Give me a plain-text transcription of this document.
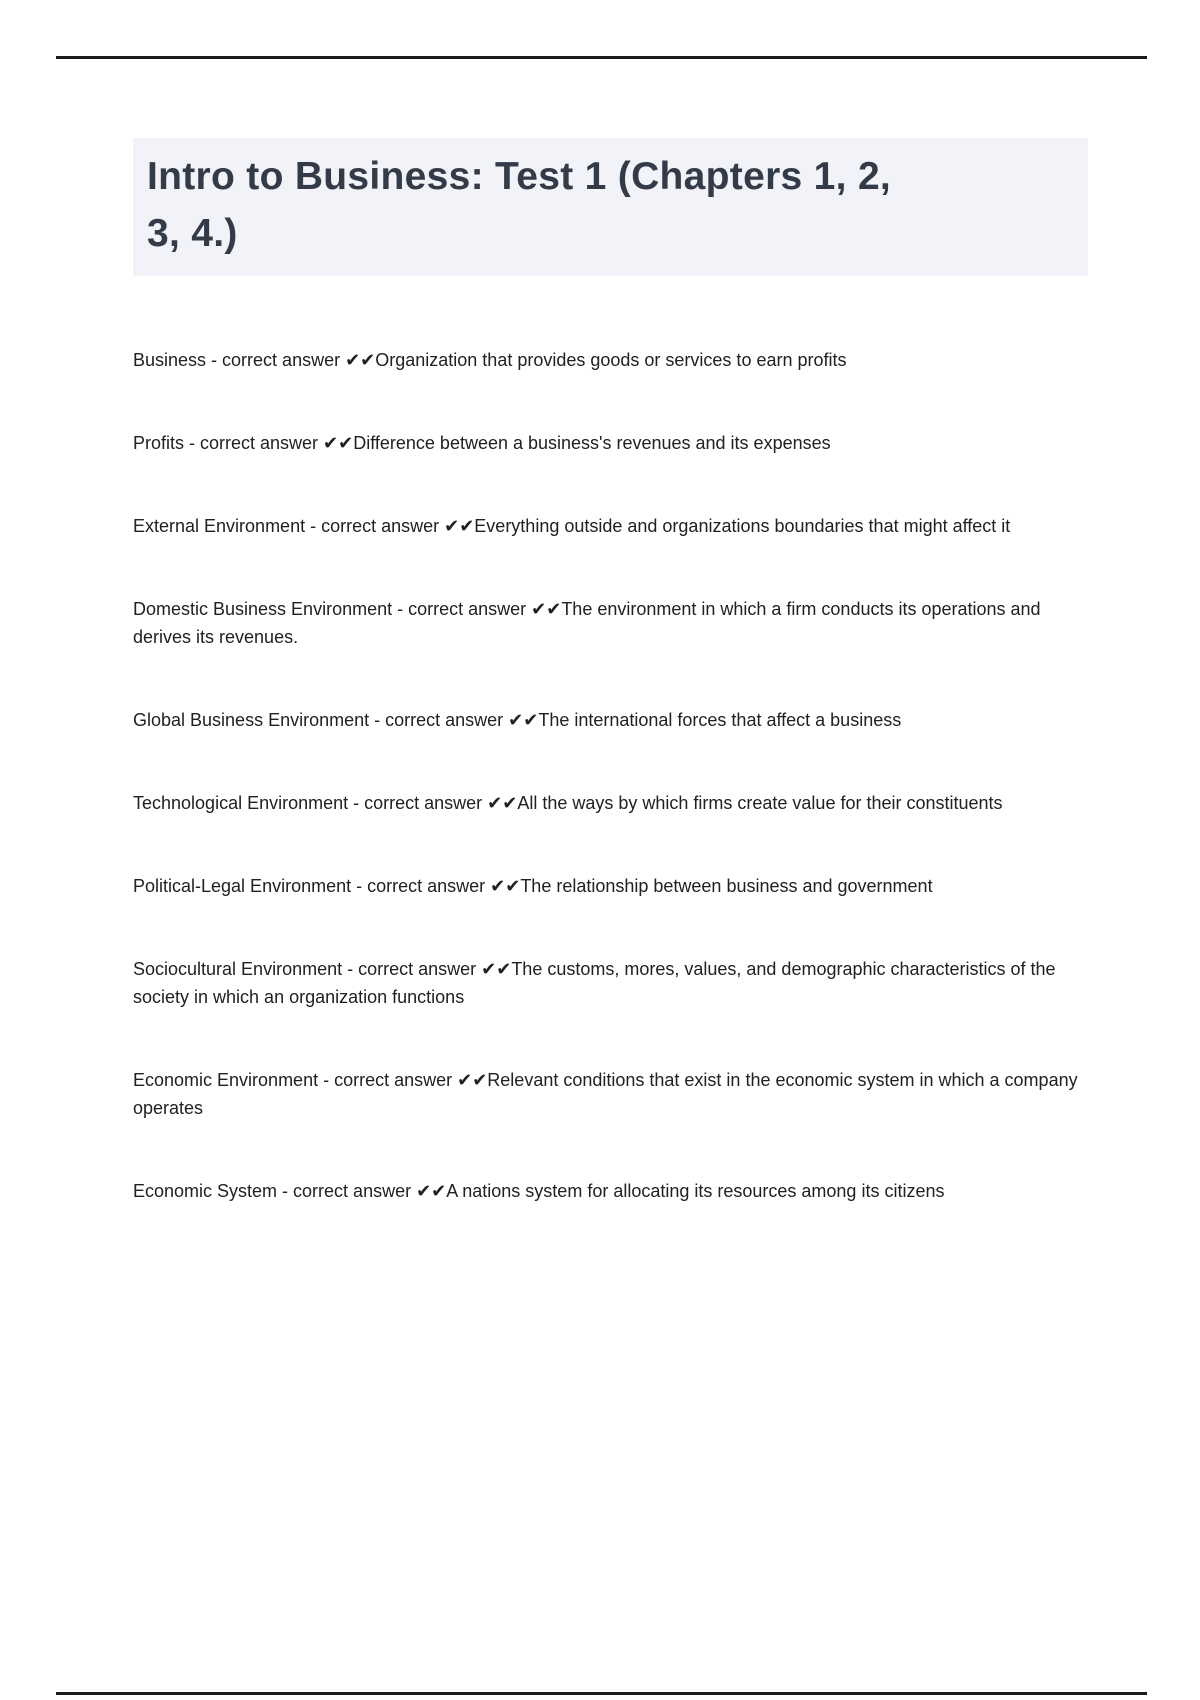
Intro to Business: Test 1 (Chapters 1, 2,
3, 4.)

Business - correct answer ✔✔Organization that provides goods or services to earn profits

Profits - correct answer ✔✔Difference between a business's revenues and its expenses

External Environment - correct answer ✔✔Everything outside and organizations boundaries that might affect it

Domestic Business Environment - correct answer ✔✔The environment in which a firm conducts its operations and derives its revenues.

Global Business Environment - correct answer ✔✔The international forces that affect a business

Technological Environment - correct answer ✔✔All the ways by which firms create value for their constituents

Political-Legal Environment - correct answer ✔✔The relationship between business and government

Sociocultural Environment - correct answer ✔✔The customs, mores, values, and demographic characteristics of the society in which an organization functions

Economic Environment - correct answer ✔✔Relevant conditions that exist in the economic system in which a company operates

Economic System - correct answer ✔✔A nations system for allocating its resources among its citizens
